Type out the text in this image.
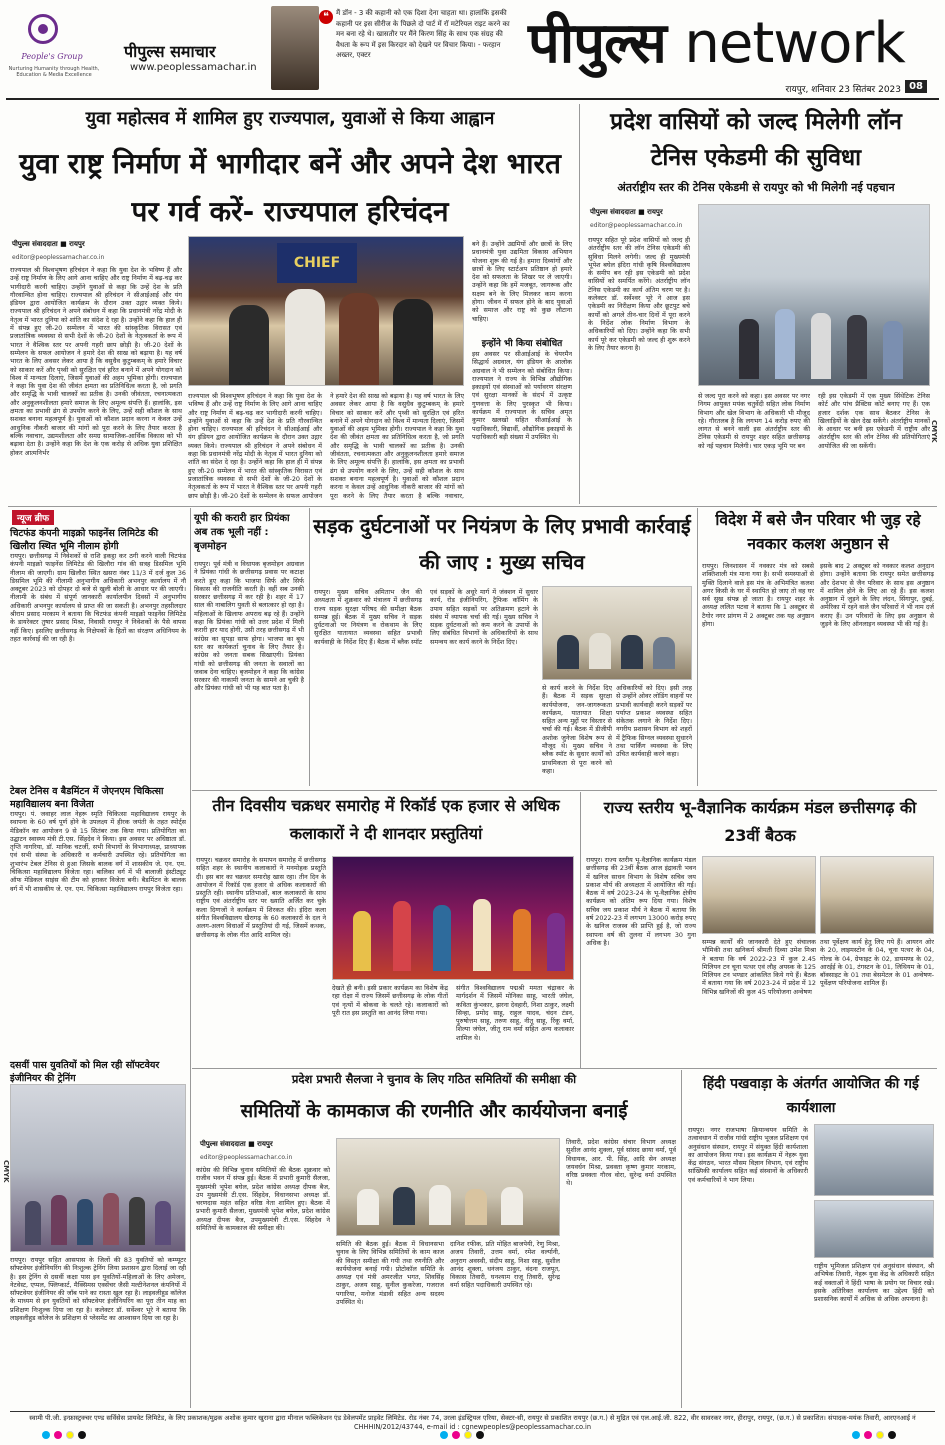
People's Group
Nurturing Humanity through Health, Education & Media Excellence
पीपुल्स समाचार
www.peoplessamachar.in
❝	मैं डॉन - 3 की कहानी को एक दिशा देना चाहता था। हालांकि इसकी कहानी पर इस सीरीज के पिछले दो पार्ट में रॉ मटेरियल राइट करने का मन बना रहे थे। खासतौर पर मैंने किरण सिंह के साथ एक संग्रह की वैधता के रूप में इस किरदार को देखने पर विचार किया। - फरहान अख्तर, एक्टर	पीपुल्स network
रायपुर, शनिवार 23 सितंबर 2023 08
युवा महोत्सव में शामिल हुए राज्यपाल, युवाओं से किया आह्वान
युवा राष्ट्र निर्माण में भागीदार बनें और अपने देश भारत पर गर्व करें- राज्यपाल हरिचंदन
पीपुल्स संवाददाता ■ रायपुर
editor@peoplessamachar.co.in	CHIEF
राज्यपाल श्री विश्वभूषण हरिचंदन ने कहा कि युवा देश के भविष्य हैं और उन्हें राष्ट्र निर्माण के लिए आगे आना चाहिए और राष्ट्र निर्माण में बढ़-चढ़ कर भागीदारी करनी चाहिए। उन्होंने युवाओं से कहा कि उन्हें देश के प्रति गौरवान्वित होना चाहिए। राज्यपाल श्री हरिचंदन ने सीआईआई और यंग इंडियन द्वारा आयोजित कार्यक्रम के दौरान उक्त उद्गार व्यक्त किये। राज्यपाल श्री हरिचंदन ने अपने संबोधन में कहा कि प्रधानमंत्री नरेंद्र मोदी के नेतृत्व में भारत दुनिया को शांति का संदेश दे रहा है। उन्होंने कहा कि हाल ही में संपन्न हुए जी-20 सम्मेलन में भारत की सांस्कृतिक विरासत एवं प्रजातांत्रिक व्यवस्था से सभी देशों के जी-20 देशों के नेतृत्वकर्ता के रूप में भारत ने वैश्विक स्तर पर अपनी गहरी छाप छोड़ी है। जी-20 देशों के सम्मेलन के सफल आयोजन ने हमारे देश की साख को बढ़ाया है। यह वर्ष भारत के लिए अवसर लेकर आया है कि वसुधैव कुटुम्बकम् के हमारे विचार को साकार करें और पृथ्वी को सुरक्षित एवं हरित बनाने में अपने योगदान को विश्व में मान्यता दिलाएं, जिसमें युवाओं की अहम भूमिका होगी। राज्यपाल ने कहा कि युवा देश की जीवंत क्षमता का प्रतिनिधित्व करता है, जो प्रगति और समृद्धि के भावी चालकों का प्रतीक है। उनकी जीवंतता, रचनात्मकता और अनुकूलनशीलता हमारे समाज के लिए अमूल्य संपत्ति हैं। हालांकि, इस क्षमता का प्रभावी ढंग से उपयोग करने के लिए, उन्हें सही कौशल के साथ सशक्त बनाना महत्वपूर्ण है। युवाओं को कौशल प्रदान करना न केवल उन्हें आधुनिक नौकरी बाजार की मांगों को पूरा करने के लिए तैयार करता है बल्कि नवाचार, उद्यमशीलता और समग्र सामाजिक-आर्थिक विकास को भी बढ़ावा देता है। उन्होंने कहा कि देश के एक करोड़ से अधिक युवा प्रशिक्षित होकर आत्मनिर्भर
राज्यपाल श्री विश्वभूषण हरिचंदन ने कहा कि युवा देश के भविष्य हैं और उन्हें राष्ट्र निर्माण के लिए आगे आना चाहिए और राष्ट्र निर्माण में बढ़-चढ़ कर भागीदारी करनी चाहिए। उन्होंने युवाओं से कहा कि उन्हें देश के प्रति गौरवान्वित होना चाहिए। राज्यपाल श्री हरिचंदन ने सीआईआई और यंग इंडियन द्वारा आयोजित कार्यक्रम के दौरान उक्त उद्गार व्यक्त किये। राज्यपाल श्री हरिचंदन ने अपने संबोधन में कहा कि प्रधानमंत्री नरेंद्र मोदी के नेतृत्व में भारत दुनिया को शांति का संदेश दे रहा है। उन्होंने कहा कि हाल ही में संपन्न हुए जी-20 सम्मेलन में भारत की सांस्कृतिक विरासत एवं प्रजातांत्रिक व्यवस्था से सभी देशों के जी-20 देशों के नेतृत्वकर्ता के रूप में भारत ने वैश्विक स्तर पर अपनी गहरी छाप छोड़ी है। जी-20 देशों के सम्मेलन के सफल आयोजन ने हमारे देश की साख को बढ़ाया है। यह वर्ष भारत के लिए अवसर लेकर आया है कि वसुधैव कुटुम्बकम् के हमारे विचार को साकार करें और पृथ्वी को सुरक्षित एवं हरित बनाने में अपने योगदान को विश्व में मान्यता दिलाएं, जिसमें युवाओं की अहम भूमिका होगी। राज्यपाल ने कहा कि युवा देश की जीवंत क्षमता का प्रतिनिधित्व करता है, जो प्रगति और समृद्धि के भावी चालकों का प्रतीक है। उनकी जीवंतता, रचनात्मकता और अनुकूलनशीलता हमारे समाज के लिए अमूल्य संपत्ति हैं। हालांकि, इस क्षमता का प्रभावी ढंग से उपयोग करने के लिए, उन्हें सही कौशल के साथ सशक्त बनाना महत्वपूर्ण है। युवाओं को कौशल प्रदान करना न केवल उन्हें आधुनिक नौकरी बाजार की मांगों को पूरा करने के लिए तैयार करता है बल्कि नवाचार,
बने हैं। उन्होंने उद्यमियों और छात्रों के लिए प्रधानमंत्री युवा उद्यमिता विकास अभियान योजना शुरू की गई है। हमारा दिव्यांगों और छात्रों के लिए स्टार्टअप प्रतिष्ठान हो हमारे देश को सफलता के शिखर पर ले जाएगी। उन्होंने कहा कि हमें मजबूत, जागरूक और सक्षम बने के लिए मिलकर काम करना होगा। जीवन में सफल होने के बाद युवाओं को समाज और राष्ट्र को कुछ लौटाना चाहिए।
इन्होंने भी किया संबोधित
इस अवसर पर सीआईआई के चेयरमैन सिद्धार्थ अग्रवाल, यंग इंडियन के आलोक अग्रवाल ने भी सम्मेलन को संबोधित किया। राज्यपाल ने राज्य के विभिन्न औद्योगिक इकाइयों एवं संस्थाओं को पर्यावरण संरक्षण एवं सुरक्षा मानकों के संदर्भ में उत्कृष्ट गुणवत्ता के लिए पुरस्कृत भी किया। कार्यक्रम में राज्यपाल के सचिव अमृत कुमार खलखो सहित सीआईआई के पदाधिकारी, विद्यार्थी, औद्योगिक इकाइयों के पदाधिकारी बड़ी संख्या में उपस्थित थे।
प्रदेश वासियों को जल्द मिलेगी लॉन टेनिस एकेडमी की सुविधा
अंतर्राष्ट्रीय स्तर की टेनिस एकेडमी से रायपुर को भी मिलेगी नई पहचान
पीपुल्स संवाददाता ■ रायपुर
editor@peoplessamachar.co.in
रायपुर सहित पूरे प्रदेश वासियों को जल्द ही अंतर्राष्ट्रीय स्तर की लॉन टेनिस एकेडमी की सुविधा मिलने लगेगी। जल्द ही मुख्यमंत्री भूपेश बघेल इंदिरा गांधी कृषि विश्वविद्यालय के समीप बन रही इस एकेडमी को प्रदेश वासियों को समर्पित करेंगे। अंतर्राष्ट्रीय लॉन टेनिस एकेडमी का कार्य अंतिम चरण पर है। कलेक्टर डॉ. सर्वेश्वर भूरे ने आज इस एकेडमी का निरीक्षण किया और छूटपुट बचे कार्यों को अगले तीन-चार दिनों में पूरा करने के निर्देश लोक निर्माण विभाग के अधिकारियों को दिए। उन्होंने कहा कि सभी कार्य पूरे कर एकेडमी को जल्द ही शुरू करने के लिए तैयार करना है।
से जल्द पूरा करने को कहा। इस अवसर पर नगर निगम आयुक्त मयंक चतुर्वेदी सहित लोक निर्माण विभाग और खेल विभाग के अधिकारी भी मौजूद रहे। गौरतलब है कि लगभग 14 करोड़ रुपए की लागत से बनने वाली इस अंतर्राष्ट्रीय स्तर की टेनिस एकेडमी से रायपुर शहर सहित छत्तीसगढ़ को नई पहचान मिलेगी। चार एकड़ भूमि पर बन
रही इस एकेडमी में एक मुख्य सिंथेटिक टेनिस कोर्ट और पांच प्रैक्टिस कोर्ट बनाए गए हैं। एक हजार दर्शक एक साथ बैठकर टेनिस के खिलाड़ियों के खेल देख सकेंगे। अंतर्राष्ट्रीय मानकों के आधार पर बनी इस एकेडमी में राष्ट्रीय और अंतर्राष्ट्रीय स्तर की लॉन टेनिस की प्रतियोगिताएं आयोजित की जा सकेंगी।
न्यूज ब्रीफ
चिटफंड कंपनी माइक्रो फाइनेंस लिमिटेड की खिलौरा स्थित भूमि नीलाम होगी
रायपुर। छत्तीसगढ़ में निवेशकों से राशि इकट्ठा कर ठगी करने वाली चिटफंड कंपनी माइक्रो फाइनेंस लिमिटेड की खिलौरा गांव की सत्रह डिसमिल भूमि नीलाम की जाएगी। ग्राम खिलौरा स्थित खसरा नंबर 11/3 में दर्ज कुल 36 डिसमिल भूमि की नीलामी अनुभागीय अधिकारी अभनपुर कार्यालय में नौ अक्टूबर 2023 को दोपहर दो बजे से खुली बोली के आधार पर की जाएगी। नीलामी के संबंध में संपूर्ण जानकारी कार्यालयीन दिवसों में अनुभागीय अधिकारी अभनपुर कार्यालय से प्राप्त की जा सकती है। अभनपुर तहसीलदार श्रीराम प्रसाद मरकाम ने बताया कि चिटफंड कंपनी माइक्रो फाइनेंस लिमिटेड के डायरेक्टर तुषार प्रसाद मिश्रा, निवासी रायपुर ने निवेशकों के पैसे वापस नहीं किए। इसलिए छत्तीसगढ़ के निक्षेपकों के हितों का संरक्षण अधिनियम के तहत कार्रवाई की जा रही है।
टेबल टेनिस व बैडमिंटन में जेएनएम चिकित्सा महाविद्यालय बना विजेता
रायपुर। पं. जवाहर लाल नेहरू स्मृति चिकित्सा महाविद्यालय रायपुर के स्थापना के 60 वर्ष पूर्ण होने के उपलक्ष्य में हीरक जयंती के तहत स्पोर्ट्स मेडिकॉन का आयोजन 9 से 15 सितंबर तक किया गया। प्रतियोगिता का उद्घाटन स्वास्थ्य मंत्री टी.एस. सिंहदेव ने किया। इस अवसर पर अधिष्ठाता डॉ. तृप्ति नागरिया, डॉ. मानिक चटर्जी, सभी विभागों के विभागाध्यक्ष, प्राध्यापक एवं सभी संस्था के अधिकारी व कर्मचारी उपस्थित रहे। प्रतियोगिता का शुभारंभ टेबल टेनिस से हुआ जिसके बालक वर्ग में शासकीय जे. एन. एम. चिकित्सा महाविद्यालय विजेता रहा। बालिका वर्ग में भी बालाजी इंस्टीट्यूट ऑफ मेडिकल साइंस की टीम को हराकर विजेता बनी। बैडमिंटन के बालक वर्ग में भी शासकीय जे. एन. एम. चिकित्सा महाविद्यालय रायपुर विजेता रहा।
दसवीं पास युवतियों को मिल रही सॉफ्टवेयर इंजीनियर की ट्रेनिंग
रायपुर। रायपुर सहित आसपास के जिलों की 83 युवतियों को कम्प्यूटर सॉफ्टवेयर इंजीनियरिंग की निःशुल्क ट्रेनिंग लिया प्रशासन द्वारा दिलाई जा रही है। इस ट्रेनिंग से दसवीं कक्षा पास इन युवतियों-महिलाओं के लिए अमेजन, नेटवेस्ट, एप्पल, फ्लिप्कार्ट, मैक्सिमस एक्सेंचर जैसी मल्टीनेशनल कंपनियों में सॉफ्टवेयर इंजीनियर की जॉब पाने का रास्ता खुल रहा है। लाइवलीहुड कॉलेज के माध्यम से इन युवतियों को सॉफ्टवेयर इंजीनियरिंग का पूरा तीन माह का प्रशिक्षण निःशुल्क दिया जा रहा है। कलेक्टर डॉ. सर्वेश्वर भूरे ने बताया कि लाइवलीहुड कॉलेज के प्रशिक्षण से प्लेसमेंट का आश्वासन दिया जा रहा है।
यूपी की करारी हार प्रियंका अब तक भूली नहीं : बृजमोहन
रायपुर। पूर्व मंत्री व विधायक बृजमोहन अग्रवाल ने प्रियंका गांधी के छत्तीसगढ़ प्रवास पर कटाक्ष करते हुए कहा कि भाजपा सिर्फ और सिर्फ विकास की राजनीति करती है। वहीं सब उनकी सरकार छत्तीसगढ़ में कर रही है। शहर में 17 साल की नाबालिग युवती से बलात्कार हो रहा है। महिलाओं के खिलाफ अपराध बढ़ रहे हैं। उन्होंने कहा कि प्रियंका गांधी को उत्तर प्रदेश में मिली करारी हार याद होगी, उसी तरह छत्तीसगढ़ में भी कांग्रेस का सूपड़ा साफ होगा। भाजपा का बूथ स्तर का कार्यकर्ता चुनाव के लिए तैयार है। कांग्रेस को जनता सबक सिखाएगी। प्रियंका गांधी को छत्तीसगढ़ की जनता के सवालों का जवाब देना चाहिए। बृजमोहन ने कहा कि कांग्रेस सरकार की नाकामी जनता के सामने आ चुकी है और प्रियंका गांधी को भी यह बात पता है।
सड़क दुर्घटनाओं पर नियंत्रण के लिए प्रभावी कार्रवाई की जाए : मुख्य सचिव
रायपुर। मुख्य सचिव अमिताभ जैन की अध्यक्षता में शुक्रवार को मंत्रालय में छत्तीसगढ़ राज्य सड़क सुरक्षा परिषद की समीक्षा बैठक सम्पन्न हुई। बैठक में मुख्य सचिव ने सड़क दुर्घटनाओं पर नियंत्रण व रोकथाम के लिए सुरक्षित यातायात व्यवस्था सहित प्रभावी कार्यवाही के निर्देश दिए हैं। बैठक में ब्लैक स्पॉट एवं सड़कों के अधूरे मार्ग में जंक्शन में सुधार कार्य, रोड इंजीनियरिंग, ट्रैफिक कॉमिंग के उपाय सहित सड़कों पर अतिक्रमण हटाने के संबंध में व्यापक चर्चा की गई। मुख्य सचिव ने सड़क दुर्घटनाओं को कम करने के उपायों के लिए संबंधित विभागों के अधिकारियों के साथ समन्वय कर कार्य करने के निर्देश दिए।
से कार्य करने के निर्देश दिए हैं। बैठक में सड़क सुरक्षा कार्ययोजना, जन-जागरूकता कार्यक्रम, यातायात शिक्षा सहित अन्य मुद्दों पर विस्तार से चर्चा की गई। बैठक में डीजीपी अशोक जुनेजा विशेष रूप से मौजूद थे। मुख्य सचिव ने ब्लैक स्पॉट के सुधार कार्यों को प्राथमिकता से पूरा करने को कहा।
अधिकारियों को दिए। इसी तरह से उन्होंने ओवर लोडिंग वाहनों पर प्रभावी कार्यवाही करने सड़कों पर पर्याप्त प्रकाश व्यवस्था सहित संकेतक लगाने के निर्देश दिए। नगरीय प्रशासन विभाग को शहरों में ट्रैफिक सिग्नल व्यवस्था सुधारने तथा पार्किंग व्यवस्था के लिए उचित कार्यवाही करने कहा।
विदेश में बसे जैन परिवार भी जुड़ रहे नवकार कलश अनुष्ठान से
रायपुर। जिनशासन में नवकार मंत्र को सबसे शक्तिशाली मंत्र माना गया है। सभी समस्याओं से मुक्ति दिलाने वाले इस मंत्र के अभिमंत्रित कलश अगर किसी के घर में स्थापित हो जाए तो वह घर सर्व सुख संपन्न हो जाता है। रायपुर शहर के अध्यक्ष ललित पटवा ने बताया कि 1 अक्टूबर से टैगोर नगर प्रांगण में 2 अक्टूबर तक यह अनुष्ठान होगा।
इसके बाद 2 अक्टूबर को नवकार कलश अनुदान होगा। उन्होंने बताया कि रायपुर समेत छत्तीसगढ़ और देशभर से जैन परिवार के साथ इस अनुष्ठान में शामिल होने के लिए आ रहे हैं। इस कलश अनुष्ठान में जुड़ने के लिए लंदन, सिंगापुर, दुबई, अमेरिका में रहने वाले जैन परिवारों ने भी नाम दर्ज कराए हैं। उन परिवारों के लिए इस अनुष्ठान से जुड़ने के लिए ऑनलाइन व्यवस्था भी की गई है।
तीन दिवसीय चक्रधर समारोह में रिकॉर्ड एक हजार से अधिक कलाकारों ने दी शानदार प्रस्तुतियां
रायपुर। चक्रधर समारोह के समापन समारोह में छत्तीसगढ़ सहित शहर के स्थानीय कलाकारों ने मनमोहक प्रस्तुति दी। इस बार का चक्रधर समारोह खास रहा। तीन दिन के आयोजन में रिकॉर्ड एक हजार से अधिक कलाकारों की प्रस्तुति रही। स्थानीय प्रतिभाओं, बाल कलाकारों के साथ राष्ट्रीय एवं अंतर्राष्ट्रीय स्तर पर ख्याति अर्जित कर चुके कला दिग्गजों ने कार्यक्रम में शिरकत की। इंदिरा कला संगीत विश्वविद्यालय खैरागढ़ के 60 कलाकारों के दल ने अलग-अलग विधाओं में प्रस्तुतियां दी गई, जिसमें कथक, छत्तीसगढ़ के लोक गीत आदि शामिल रहे।
देखते ही बनी। इसी प्रकार कार्यक्रम का विशेष केंद्र रहा रोक्षा में राज्य जिसमें छत्तीसगढ़ के लोक गीतों एवं नृत्यों में बोकवा के चलते रहे। कलाकारों को पूरी रात इस प्रस्तुति का आनंद लिया गया।
संगीत विश्वविद्यालय पद्मश्री ममता चंद्राकर के मार्गदर्शन में जिसमें मोनिका साहू, भारती जंघेल, कविता कुंभकार, झरना देवहारी, निशा ठाकुर, लक्ष्मी सिन्हा, प्रमोद साहू, राहुल यादव, चंदन टंडन, पुरुषोत्तम साहू, तरुण साहू, नीतू साहू, रिंकू वर्मा, शिल्पा जंघेल, जीतू राम वर्मा सहित अन्य कलाकार शामिल थे।
राज्य स्तरीय भू-वैज्ञानिक कार्यक्रम मंडल छत्तीसगढ़ की 23वीं बैठक
रायपुर। राज्य स्तरीय भू-वैज्ञानिक कार्यक्रम मंडल छत्तीसगढ़ की 23वीं बैठक आज इंद्रावती भवन में खनिज साधन विभाग के विशेष सचिव जय प्रकाश मौर्य की अध्यक्षता में आयोजित की गई। बैठक में वर्ष 2023-24 के भू-वैज्ञानिक क्षेत्रीय कार्यक्रम को अंतिम रूप दिया गया। विशेष सचिव जय प्रकाश मौर्य ने बैठक में बताया कि वर्ष 2022-23 में लगभग 13000 करोड़ रुपए के खनिज राजस्व की प्राप्ति हुई है, जो राज्य स्थापना वर्ष की तुलना में लगभग 30 गुना अधिक है।	सम्पन्न कार्यों की जानकारी देते हुए संचालक भौमिकी तथा खनिकर्म श्रीमती दिव्या उमेश मिश्रा ने बताया कि वर्ष 2022-23 में कुल 2.45 मिलियन टन चूना पत्थर एवं लौह अयस्क के 125 मिलियन टन भण्डार आंकलित किये गये हैं। बैठक में बताया गया कि वर्ष 2023-24 में प्रदेश में 12 विभिन्न खनिजों की कुल 45 परियोजना अन्वेषण
तथा पूर्वेक्षण कार्य हेतु लिए गये हैं। आयरन ओर के 20, लाइमस्टोन के 04, चूना पत्थर के 04, गोल्ड के 04, ग्रेफाइट के 02, डायमण्ड के 02, आरईई के 01, टंगस्टन के 01, लिथियम के 01, बॉक्साइट के 01 तथा बेसमेटल के 01 अन्वेषण-पूर्वेक्षण परियोजना शामिल हैं।
प्रदेश प्रभारी सैलजा ने चुनाव के लिए गठित समितियों की समीक्षा की
समितियों के कामकाज की रणनीति और कार्ययोजना बनाई
पीपुल्स संवाददाता ■ रायपुर
editor@peoplessamachar.co.in
कांग्रेस की विभिन्न चुनाव समितियों की बैठक शुक्रवार को राजीव भवन में संपन्न हुई। बैठक में प्रभारी कुमारी सैलजा, मुख्यमंत्री भूपेश बघेल, प्रदेश कांग्रेस अध्यक्ष दीपक बैज, उप मुख्यमंत्री टी.एस. सिंहदेव, विधानसभा अध्यक्ष डॉ. चरणदास महंत सहित वरिष्ठ नेता शामिल हुए। बैठक में प्रभारी कुमारी सैलजा, मुख्यमंत्री भूपेश बघेल, प्रदेश कांग्रेस अध्यक्ष दीपक बैज, उपमुख्यमंत्री टी.एस. सिंहदेव ने समितियों के कामकाज की समीक्षा की।
समिति की बैठक हुई। बैठक में विधानसभा चुनाव के लिए विभिन्न समितियों के काम काज की विस्तृत समीक्षा की गयी तथा रणनीति और कार्ययोजना बनाई गयी। प्रोटोकॉल समिति के अध्यक्ष एवं मंत्री अमरजीत भगत, शिवसिंह ठाकुर, अजय साहू, सुनील कुकरेजा, गजराज पगारिया, मनोज मंडावी सहित अन्य सदस्य उपस्थित थे।
दानिश रफीक, प्रति मोहित बाजपेयी, रेणु मिश्रा, अजय तिवारी, उत्तम वर्मा, रमेश वर्ल्यानी, अनुराग अवस्थी, संदीप साहू, निशा साहू, सुशील आनंद शुक्ला, धनंजय ठाकुर, वंदना राजपूत, विकास तिवारी, घनश्याम राजू तिवारी, सुरेन्द्र वर्मा सहित पदाधिकारी उपस्थित रहे।
तिवारी, प्रदेश कांग्रेस संचार विभाग अध्यक्ष सुशील आनंद शुक्ला, पूर्व सांसद छाया वर्मा, पूर्व विधायक, आर. पी. सिंह, आदि सेन अध्यक्ष जयवर्धन मिश्रा, प्रवक्ता कृष्ण कुमार मरकाम, वरिष्ठ प्रवक्ता गौरव वोरा, सुरेन्द्र वर्मा उपस्थित थे।
हिंदी पखवाड़ा के अंतर्गत आयोजित की गई कार्यशाला
रायपुर। नगर राजभाषा क्रियान्वयन समिति के तत्वावधान में राजीव गांधी राष्ट्रीय भूजल प्रशिक्षण एवं अनुसंधान संस्थान, रायपुर में संयुक्त हिंदी कार्यशाला का आयोजन किया गया। इस कार्यक्रम में नेहरू युवा केंद्र संगठन, भारत मौसम विज्ञान विभाग, एवं राष्ट्रीय सांख्यिकी कार्यालय सहित कई संस्थानों के अधिकारी एवं कर्मचारियों ने भाग लिया।
राष्ट्रीय भूमिजल प्रशिक्षण एवं अनुसंधान संस्थान, श्री अभिषेक तिवारी, नेहरू युवा केंद्र के अधिकारी सहित कई वक्ताओं ने हिंदी भाषा के प्रयोग पर विचार रखे। इसके अतिरिक्त कार्यालय का उद्देश्य हिंदी को प्रशासनिक कार्यों में अधिक से अधिक अपनाना है।
स्वामी पी.जी. इन्फ्रास्ट्रक्चर एण्ड सर्विसेस प्रायवेट लिमिटेड, के लिए प्रकाशक/मुद्रक अशोक कुमार खुराना द्वारा मीनाल फब्लिकेशन एंड डेवेलपमेंट प्राइवेट लिमिटेड. रोड नंबर 74, उरला इंडस्ट्रियल एरिया, सेक्टर-सी, रायपुर से प्रकाशित रायपुर (छ.ग.) से मुद्रित एवं एल.आई.जी. 822, वीर सावरकर नगर, हीरापुर, रायपुर, (छ.ग.) से प्रकाशित। संपादक-मयंक तिवारी, आरएनआई नं CHHHIN/2012/43744, e-mail id : cgnewpeoples@peoplessamachar.co.in
CMYK
CMYK
